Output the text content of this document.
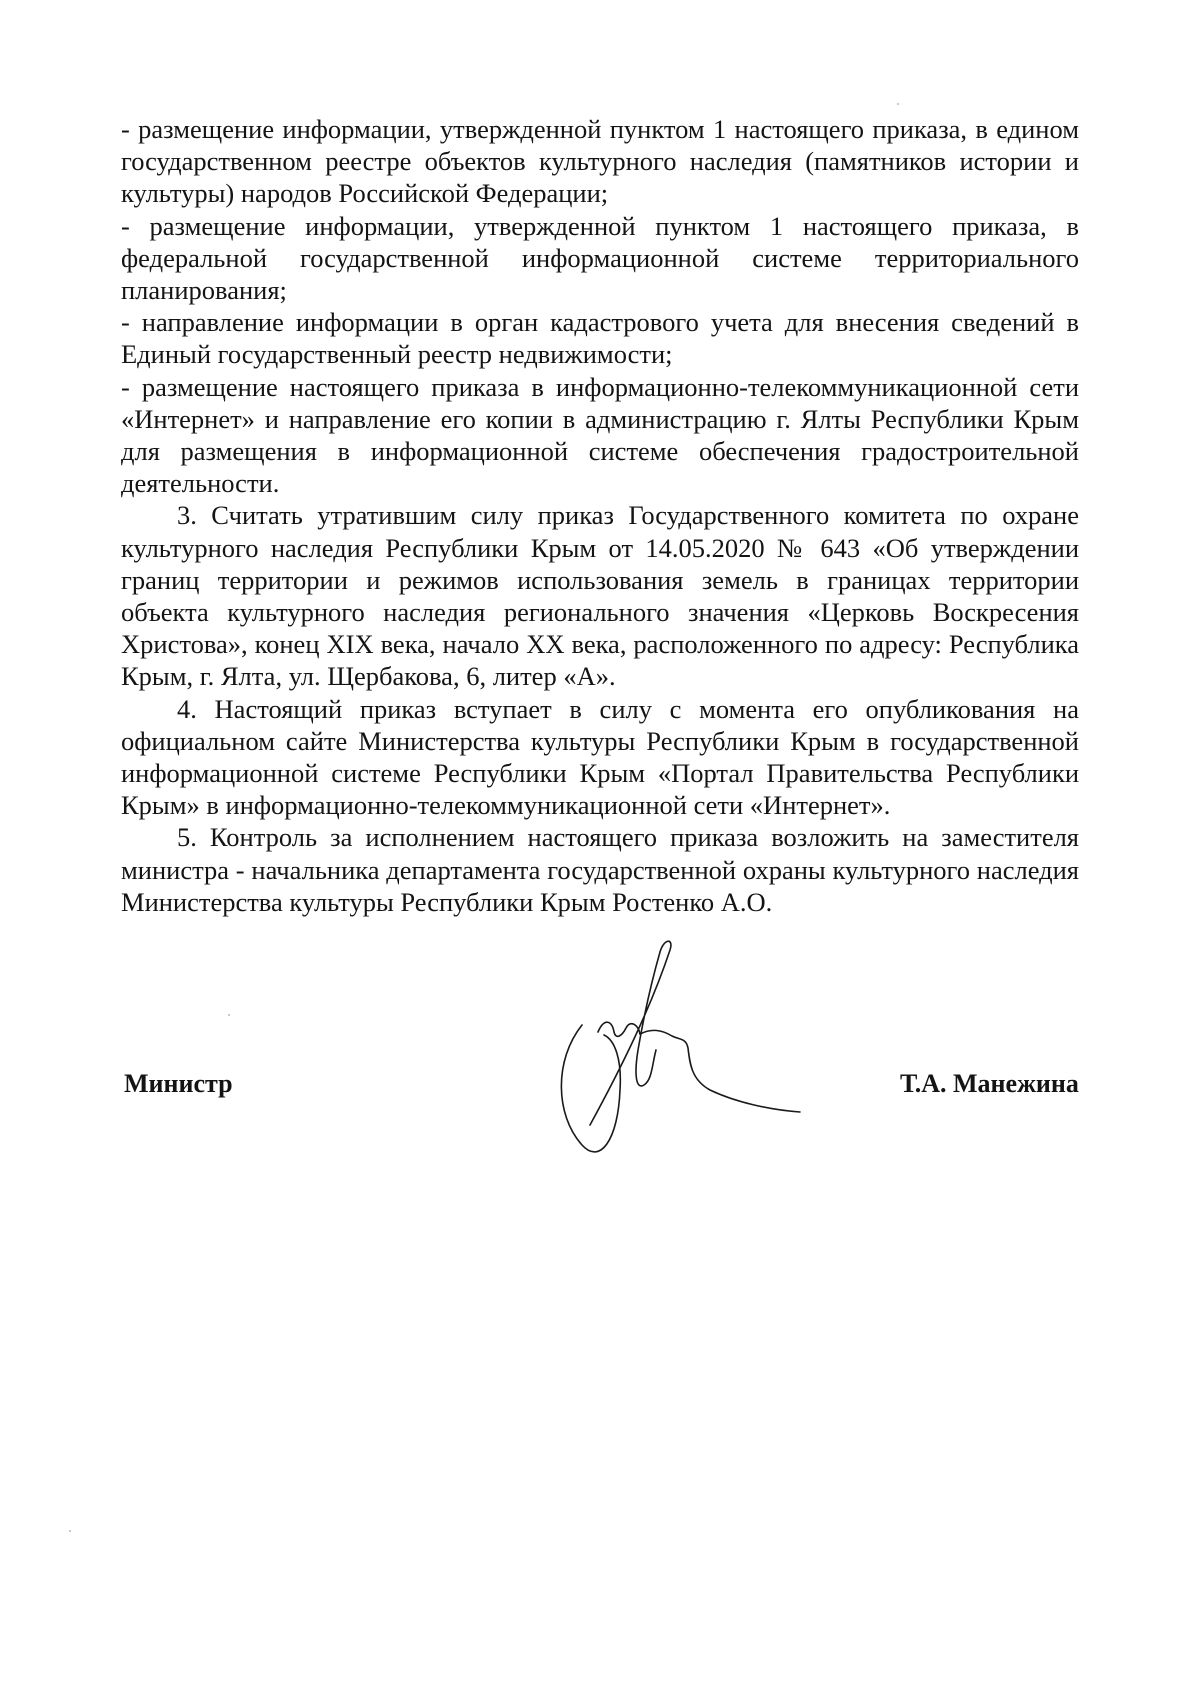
- размещение информации, утвержденной пунктом 1 настоящего приказа, в едином государственном реестре объектов культурного наследия (памятников истории и культуры) народов Российской Федерации;

- размещение информации, утвержденной пунктом 1 настоящего приказа, в федеральной государственной информационной системе территориального планирования;

- направление информации в орган кадастрового учета для внесения сведений в Единый государственный реестр недвижимости;

- размещение настоящего приказа в информационно-телекоммуникационной сети «Интернет» и направление его копии в администрацию г. Ялты Республики Крым для размещения в информационной системе обеспечения градостроительной деятельности.

3. Считать утратившим силу приказ Государственного комитета по охране культурного наследия Республики Крым от 14.05.2020 № 643 «Об утверждении границ территории и режимов использования земель в границах территории объекта культурного наследия регионального значения «Церковь Воскресения Христова», конец XIX века, начало XX века, расположенного по адресу: Республика Крым, г. Ялта, ул. Щербакова, 6, литер «А».

4. Настоящий приказ вступает в силу с момента его опубликования на официальном сайте Министерства культуры Республики Крым в государственной информационной системе Республики Крым «Портал Правительства Республики Крым» в информационно-телекоммуникационной сети «Интернет».

5. Контроль за исполнением настоящего приказа возложить на заместителя министра - начальника департамента государственной охраны культурного наследия Министерства культуры Республики Крым Ростенко А.О.

Министр	Т.А. Манежина
